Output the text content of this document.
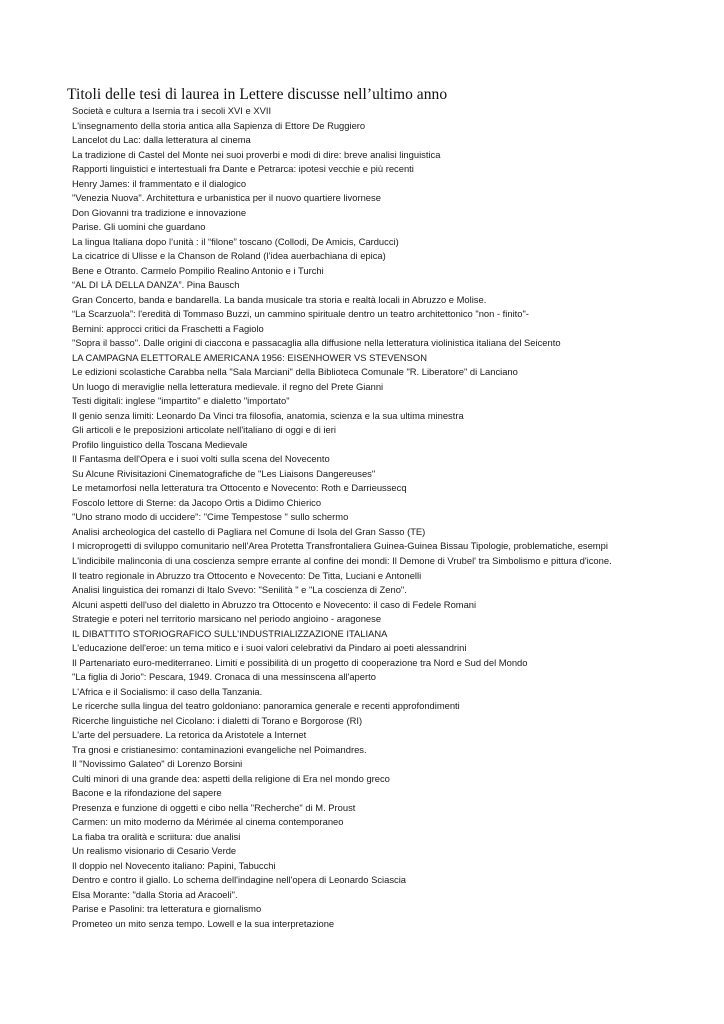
Titoli delle tesi di laurea in Lettere discusse nell’ultimo anno
Società e cultura a Isernia tra i secoli XVI e XVII
L'insegnamento della storia antica alla Sapienza di Ettore De Ruggiero
Lancelot du Lac: dalla letteratura al cinema
La tradizione di Castel del Monte nei suoi proverbi e modi di dire: breve analisi linguistica
Rapporti linguistici e intertestuali fra Dante e Petrarca: ipotesi vecchie e più recenti
Henry James: il frammentato e il dialogico
"Venezia Nuova". Architettura e urbanistica per il nuovo quartiere livornese
Don Giovanni tra tradizione e innovazione
Parise. Gli uomini che guardano
La lingua Italiana dopo l’unità : il “filone” toscano (Collodi, De Amicis, Carducci)
La cicatrice di Ulisse e la Chanson de Roland (l’idea auerbachiana di epica)
Bene e Otranto. Carmelo Pompilio Realino Antonio e i Turchi
“AL DI LÀ DELLA DANZA”. Pina Bausch
Gran Concerto, banda e bandarella. La banda musicale tra storia e realtà locali in Abruzzo e Molise.
“La Scarzuola”: l'eredità di Tommaso Buzzi, un cammino spirituale dentro un teatro architettonico "non - finito"-
Bernini: approcci critici da Fraschetti a Fagiolo
"Sopra il basso". Dalle origini di ciaccona e passacaglia alla diffusione nella letteratura violinistica italiana del Seicento
LA CAMPAGNA ELETTORALE AMERICANA 1956: EISENHOWER VS STEVENSON
Le edizioni scolastiche Carabba nella "Sala Marciani" della Biblioteca Comunale "R. Liberatore" di Lanciano
Un luogo di meraviglie nella letteratura medievale. il regno del Prete Gianni
Testi digitali: inglese "impartito" e dialetto "importato"
Il genio senza limiti: Leonardo Da Vinci tra filosofia, anatomia, scienza e la sua ultima minestra
Gli articoli e le preposizioni articolate nell'italiano di oggi e di ieri
Profilo linguistico della Toscana Medievale
Il Fantasma dell'Opera e i suoi volti sulla scena del Novecento
Su Alcune Rivisitazioni Cinematografiche de "Les Liaisons Dangereuses"
Le metamorfosi nella letteratura tra Ottocento e Novecento: Roth e Darrieussecq
Foscolo lettore di Sterne: da Jacopo Ortis a Didimo Chierico
"Uno strano modo di uccidere": "Cime Tempestose " sullo schermo
Analisi archeologica del castello di Pagliara nel Comune di Isola del Gran Sasso (TE)
I microprogetti di sviluppo comunitario nell'Area Protetta Transfrontaliera Guinea-Guinea Bissau Tipologie, problematiche, esempi
L'indicibile malinconia di una coscienza sempre errante al confine dei mondi: Il Demone di Vrubel' tra Simbolismo e pittura d'icone.
Il teatro regionale in Abruzzo tra Ottocento e Novecento: De Titta, Luciani e Antonelli
Analisi linguistica dei romanzi di Italo Svevo: "Senilità " e "La coscienza di Zeno".
Alcuni aspetti dell'uso del dialetto in Abruzzo tra Ottocento e Novecento: il caso di Fedele Romani
Strategie e poteri nel territorio marsicano nel periodo angioino - aragonese
IL DIBATTITO STORIOGRAFICO SULL'INDUSTRIALIZZAZIONE ITALIANA
L'educazione dell'eroe: un tema mitico e i suoi valori celebrativi da Pindaro ai poeti alessandrini
Il Partenariato euro-mediterraneo. Limiti e possibilità di un progetto di cooperazione tra Nord e Sud del Mondo
"La figlia di Jorio": Pescara, 1949. Cronaca di una messinscena all'aperto
L'Africa e il Socialismo: il caso della Tanzania.
Le ricerche sulla lingua del teatro goldoniano: panoramica generale e recenti approfondimenti
Ricerche linguistiche nel Cicolano: i dialetti di Torano e Borgorose (RI)
L'arte del persuadere. La retorica da Aristotele a Internet
Tra gnosi e cristianesimo: contaminazioni evangeliche nel Poimandres.
Il "Novissimo Galateo" di Lorenzo Borsini
Culti minori di una grande dea: aspetti della religione di Era nel mondo greco
Bacone e la rifondazione del sapere
Presenza e funzione di oggetti e cibo nella "Recherche" di M. Proust
Carmen: un mito moderno da Mérimée al cinema contemporaneo
La fiaba tra oralità e scriitura: due analisi
Un realismo visionario di Cesario Verde
Il doppio nel Novecento italiano: Papini, Tabucchi
Dentro e contro il giallo. Lo schema dell'indagine nell'opera di Leonardo Sciascia
Elsa Morante: "dalla Storia ad Aracoeli".
Parise e Pasolini: tra letteratura e giornalismo
Prometeo un mito senza tempo. Lowell e la sua interpretazione
